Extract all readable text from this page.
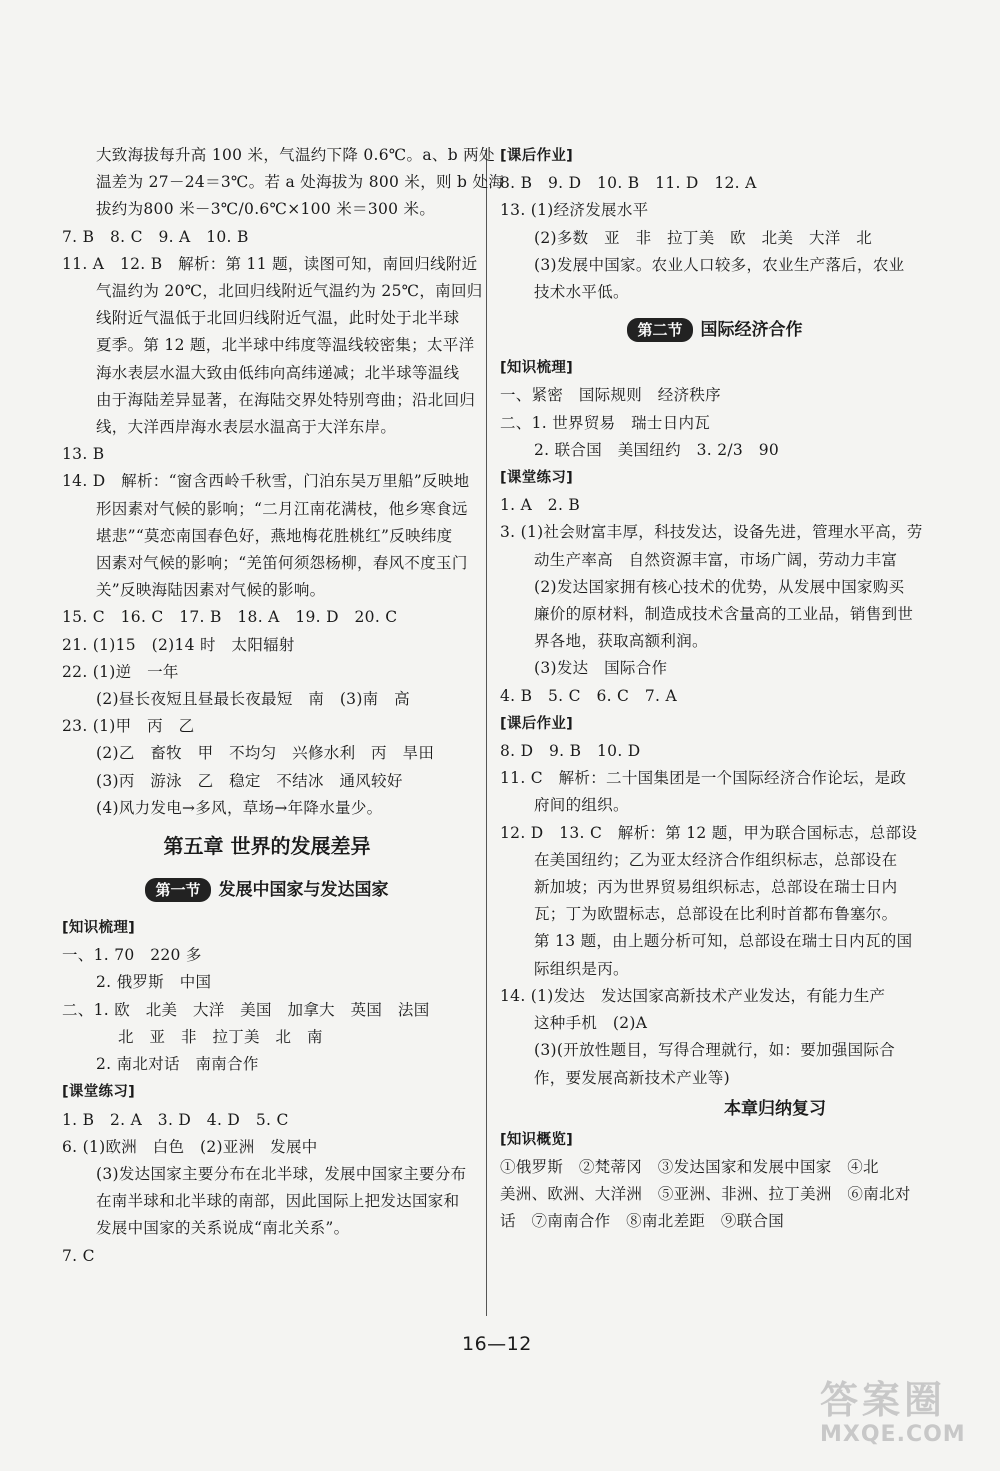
大致海拔每升高 100 米，气温约下降 0.6℃。a、b 两处
温差为 27－24＝3℃。若 a 处海拔为 800 米，则 b 处海
拔约为800 米－3℃/0.6℃×100 米＝300 米。
7. B   8. C   9. A   10. B
11. A   12. B   解析：第 11 题，读图可知，南回归线附近
气温约为 20℃，北回归线附近气温约为 25℃，南回归
线附近气温低于北回归线附近气温，此时处于北半球
夏季。第 12 题，北半球中纬度等温线较密集；太平洋
海水表层水温大致由低纬向高纬递减；北半球等温线
由于海陆差异显著，在海陆交界处特别弯曲；沿北回归
线，大洋西岸海水表层水温高于大洋东岸。
13. B
14. D   解析：“窗含西岭千秋雪，门泊东吴万里船”反映地
形因素对气候的影响；“二月江南花满枝，他乡寒食远
堪悲”“莫恋南国春色好，燕地梅花胜桃红”反映纬度
因素对气候的影响；“羌笛何须怨杨柳，春风不度玉门
关”反映海陆因素对气候的影响。
15. C   16. C   17. B   18. A   19. D   20. C
21. (1)15   (2)14 时   太阳辐射
22. (1)逆   一年
(2)昼长夜短且昼最长夜最短   南   (3)南   高
23. (1)甲   丙   乙
(2)乙   畜牧   甲   不均匀   兴修水利   丙   旱田
(3)丙   游泳   乙   稳定   不结冰   通风较好
(4)风力发电→多风，草场→年降水量少。
第五章 世界的发展差异
第一节	发展中国家与发达国家
[知识梳理]
一、1. 70   220 多
2. 俄罗斯   中国
二、1. 欧   北美   大洋   美国   加拿大   英国   法国
北   亚   非   拉丁美   北   南
2. 南北对话   南南合作
[课堂练习]
1. B   2. A   3. D   4. D   5. C
6. (1)欧洲   白色   (2)亚洲   发展中
(3)发达国家主要分布在北半球，发展中国家主要分布
在南半球和北半球的南部，因此国际上把发达国家和
发展中国家的关系说成“南北关系”。
7. C
[课后作业]
8. B   9. D   10. B   11. D   12. A
13. (1)经济发展水平
(2)多数   亚   非   拉丁美   欧   北美   大洋   北
(3)发展中国家。农业人口较多，农业生产落后，农业
技术水平低。
第二节	国际经济合作
[知识梳理]
一、紧密   国际规则   经济秩序
二、1. 世界贸易   瑞士日内瓦
2. 联合国   美国纽约   3. 2/3   90
[课堂练习]
1. A   2. B
3. (1)社会财富丰厚，科技发达，设备先进，管理水平高，劳
动生产率高   自然资源丰富，市场广阔，劳动力丰富
(2)发达国家拥有核心技术的优势，从发展中国家购买
廉价的原材料，制造成技术含量高的工业品，销售到世
界各地，获取高额利润。
(3)发达   国际合作
4. B   5. C   6. C   7. A
[课后作业]
8. D   9. B   10. D
11. C   解析：二十国集团是一个国际经济合作论坛，是政
府间的组织。
12. D   13. C   解析：第 12 题，甲为联合国标志，总部设
在美国纽约；乙为亚太经济合作组织标志，总部设在
新加坡；丙为世界贸易组织标志，总部设在瑞士日内
瓦；丁为欧盟标志，总部设在比利时首都布鲁塞尔。
第 13 题，由上题分析可知，总部设在瑞士日内瓦的国
际组织是丙。
14. (1)发达   发达国家高新技术产业发达，有能力生产
这种手机   (2)A
(3)(开放性题目，写得合理就行，如：要加强国际合
作，要发展高新技术产业等)
本章归纳复习
[知识概览]
①俄罗斯   ②梵蒂冈   ③发达国家和发展中国家   ④北
美洲、欧洲、大洋洲   ⑤亚洲、非洲、拉丁美洲   ⑥南北对
话   ⑦南南合作   ⑧南北差距   ⑨联合国
16—12
答案圈
MXQE.COM
